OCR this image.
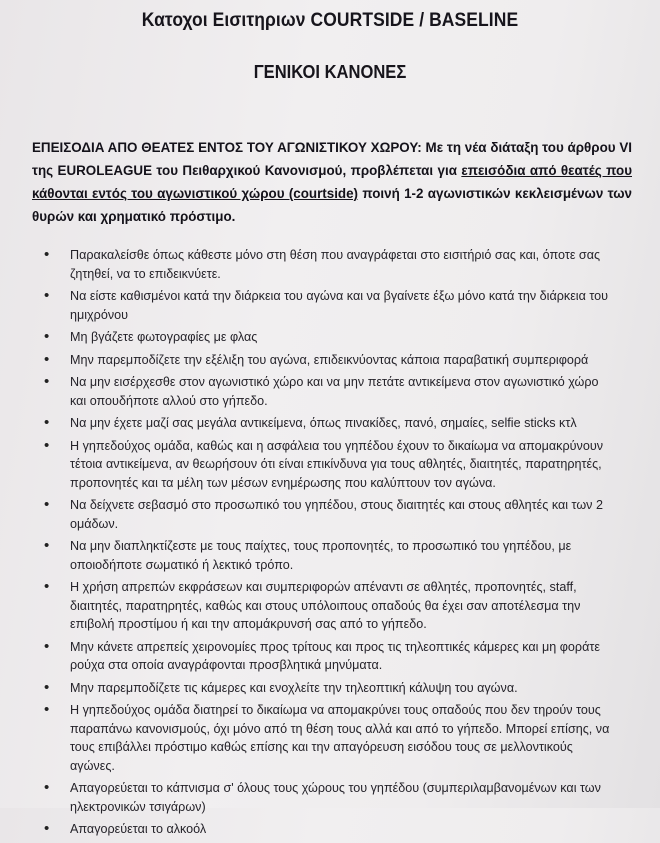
Κατοχοι Εισιτηριων COURTSIDE / BASELINE
ΓΕΝΙΚΟΙ ΚΑΝΟΝΕΣ
ΕΠΕΙΣΟΔΙΑ ΑΠΟ ΘΕΑΤΕΣ ΕΝΤΟΣ ΤΟΥ ΑΓΩΝΙΣΤΙΚΟΥ ΧΩΡΟΥ: Με τη νέα διάταξη του άρθρου VI της EUROLEAGUE του Πειθαρχικού Κανονισμού, προβλέπεται για επεισόδια από θεατές που κάθονται εντός του αγωνιστικού χώρου (courtside) ποινή 1-2 αγωνιστικών κεκλεισμένων των θυρών και χρηματικό πρόστιμο.
• Παρακαλείσθε όπως κάθεστε μόνο στη θέση που αναγράφεται στο εισιτήριό σας και, όποτε σας ζητηθεί, να το επιδεικνύετε.
• Να είστε καθισμένοι κατά την διάρκεια του αγώνα και να βγαίνετε έξω μόνο κατά την διάρκεια του ημιχρόνου
• Μη βγάζετε φωτογραφίες με φλας
• Μην παρεμποδίζετε την εξέλιξη του αγώνα, επιδεικνύοντας κάποια παραβατική συμπεριφορά
• Να μην εισέρχεσθε στον αγωνιστικό χώρο και να μην πετάτε αντικείμενα στον αγωνιστικό χώρο και οπουδήποτε αλλού στο γήπεδο.
• Να μην έχετε μαζί σας μεγάλα αντικείμενα, όπως πινακίδες, πανό, σημαίες, selfie sticks κτλ
• Η γηπεδούχος ομάδα, καθώς και η ασφάλεια του γηπέδου έχουν το δικαίωμα να απομακρύνουν τέτοια αντικείμενα, αν θεωρήσουν ότι είναι επικίνδυνα για τους αθλητές, διαιτητές, παρατηρητές, προπονητές και τα μέλη των μέσων ενημέρωσης που καλύπτουν τον αγώνα.
• Να δείχνετε σεβασμό στο προσωπικό του γηπέδου, στους διαιτητές και στους αθλητές και των 2 ομάδων.
• Να μην διαπληκτίζεστε με τους παίχτες, τους προπονητές, το προσωπικό του γηπέδου, με οποιοδήποτε σωματικό ή λεκτικό τρόπο.
• Η χρήση απρεπών εκφράσεων και συμπεριφορών απέναντι σε αθλητές, προπονητές, staff, διαιτητές, παρατηρητές, καθώς και στους υπόλοιπους οπαδούς θα έχει σαν αποτέλεσμα την επιβολή προστίμου ή και την απομάκρυνσή σας από το γήπεδο.
• Μην κάνετε απρεπείς χειρονομίες προς τρίτους και προς τις τηλεοπτικές κάμερες και μη φοράτε ρούχα στα οποία αναγράφονται προσβλητικά μηνύματα.
• Μην παρεμποδίζετε τις κάμερες και ενοχλείτε την τηλεοπτική κάλυψη του αγώνα.
• Η γηπεδούχος ομάδα διατηρεί το δικαίωμα να απομακρύνει τους οπαδούς που δεν τηρούν τους παραπάνω κανονισμούς, όχι μόνο από τη θέση τους αλλά και από το γήπεδο. Μπορεί επίσης, να τους επιβάλλει πρόστιμο καθώς επίσης και την απαγόρευση εισόδου τους σε μελλοντικούς αγώνες.
• Απαγορεύεται το κάπνισμα σ' όλους τους χώρους του γηπέδου (συμπεριλαμβανομένων και των ηλεκτρονικών τσιγάρων)
• Απαγορεύεται το αλκοόλ
